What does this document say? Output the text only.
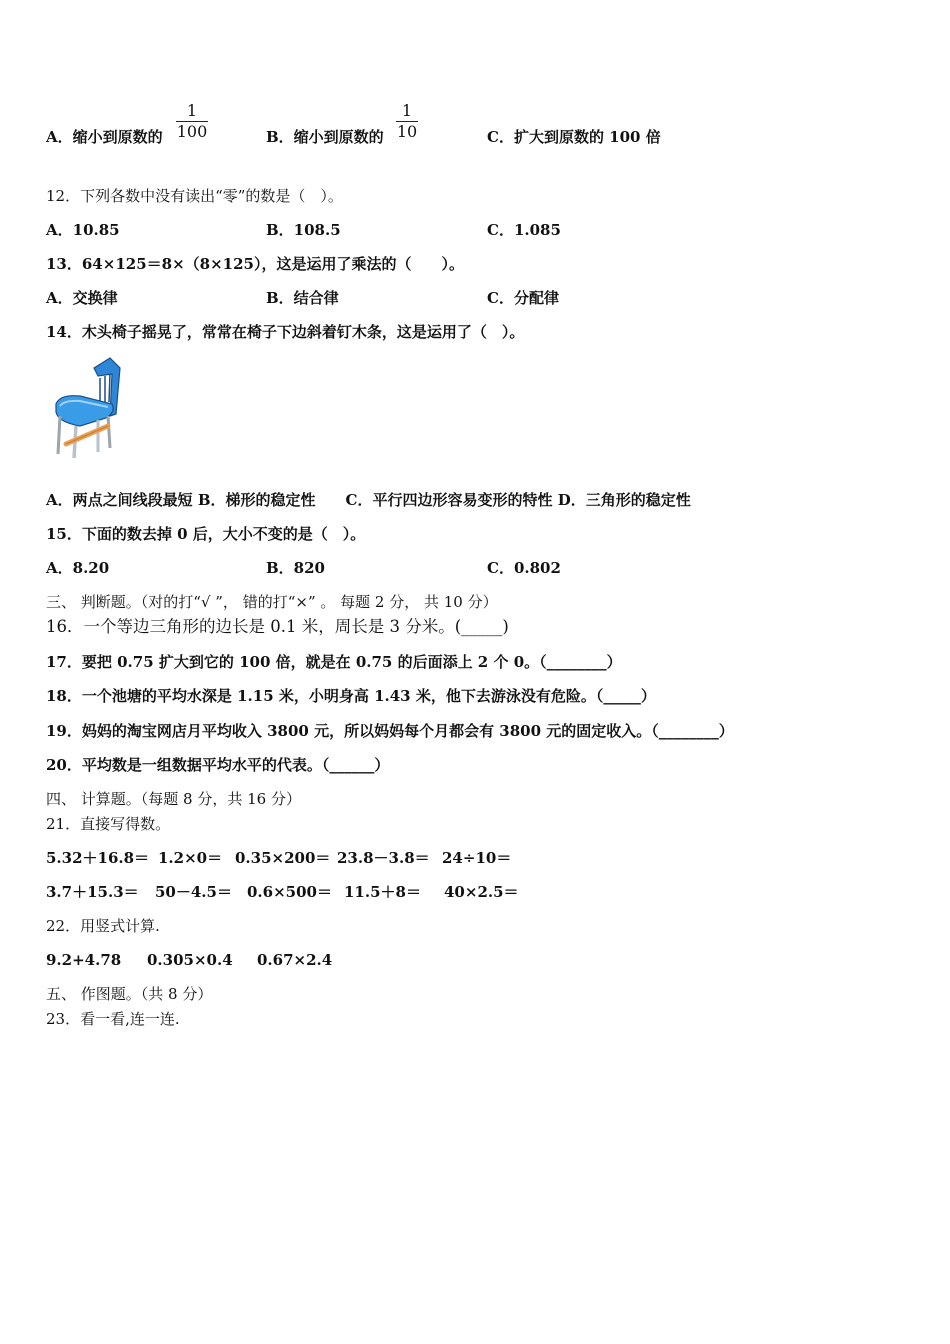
A．缩小到原数的
1
100	B．缩小到原数的
1
10	C．扩大到原数的 100 倍
12．下列各数中没有读出“零”的数是（　）。
A．10.85	B．108.5	C．1.085
13．64×125＝8×（8×125），这是运用了乘法的（　　）。
A．交换律	B．结合律	C．分配律
14．木头椅子摇晃了，常常在椅子下边斜着钉木条，这是运用了（　）。
A．两点之间线段最短 B．梯形的稳定性　　C．平行四边形容易变形的特性 D．三角形的稳定性
15．下面的数去掉 0 后，大小不变的是（　）。
A．8.20	B．820	C．0.802
三、 判断题。（对的打“√ ”， 错的打“×” 。 每题 2 分， 共 10 分）
16．一个等边三角形的边长是 0.1 米，周长是 3 分米。(_____)
17．要把 0.75 扩大到它的 100 倍，就是在 0.75 的后面添上 2 个 0。（________）
18．一个池塘的平均水深是 1.15 米，小明身高 1.43 米，他下去游泳没有危险。（_____）
19．妈妈的淘宝网店月平均收入 3800 元，所以妈妈每个月都会有 3800 元的固定收入。（________）
20．平均数是一组数据平均水平的代表。（______）
四、 计算题。（每题 8 分，共 16 分）
21．直接写得数。
5.32＋16.8＝ 1.2×0＝ 0.35×200＝ 23.8－3.8＝ 24÷10＝
3.7＋15.3＝ 50－4.5＝ 0.6×500＝ 11.5＋8＝ 40×2.5＝
22．用竖式计算.
9.2+4.78 0.305×0.4 0.67×2.4
五、 作图题。（共 8 分）
23．看一看,连一连.
